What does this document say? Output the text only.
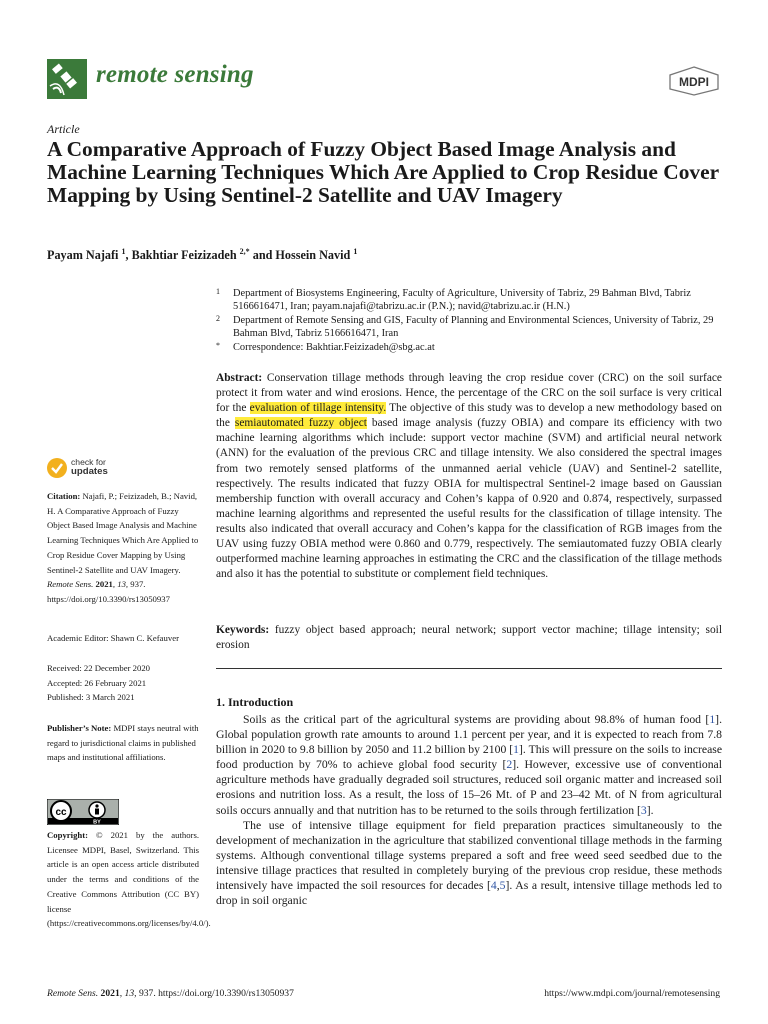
remote sensing	MDPI
Article
A Comparative Approach of Fuzzy Object Based Image Analysis and Machine Learning Techniques Which Are Applied to Crop Residue Cover Mapping by Using Sentinel-2 Satellite and UAV Imagery
Payam Najafi $^1$, Bakhtiar Feizizadeh $^{2,*}$ and Hossein Navid $^1$
1 Department of Biosystems Engineering, Faculty of Agriculture, University of Tabriz, 29 Bahman Blvd, Tabriz 5166616471, Iran; payam.najafi@tabrizu.ac.ir (P.N.); navid@tabrizu.ac.ir (H.N.)
2 Department of Remote Sensing and GIS, Faculty of Planning and Environmental Sciences, University of Tabriz, 29 Bahman Blvd, Tabriz 5166616471, Iran
* Correspondence: Bakhtiar.Feizizadeh@sbg.ac.at

Abstract: Conservation tillage methods through leaving the crop residue cover (CRC) on the soil surface protect it from water and wind erosions. Hence, the percentage of the CRC on the soil surface is very critical for the evaluation of tillage intensity. The objective of this study was to develop a new methodology based on the semiautomated fuzzy object based image analysis (fuzzy OBIA) and compare its efficiency with two machine learning algorithms which include: support vector machine (SVM) and artificial neural network (ANN) for the evaluation of the previous CRC and tillage intensity. We also considered the spectral images from two remotely sensed platforms of the unmanned aerial vehicle (UAV) and Sentinel-2 satellite, respectively. The results indicated that fuzzy OBIA for multispectral Sentinel-2 image based on Gaussian membership function with overall accuracy and Cohen’s kappa of 0.920 and 0.874, respectively, surpassed machine learning algorithms and represented the useful results for the classification of tillage intensity. The results also indicated that overall accuracy and Cohen’s kappa for the classification of RGB images from the UAV using fuzzy OBIA method were 0.860 and 0.779, respectively. The semiautomated fuzzy OBIA clearly outperformed machine learning approaches in estimating the CRC and the classification of the tillage methods and also it has the potential to substitute or complement field techniques.

Keywords: fuzzy object based approach; neural network; support vector machine; tillage intensity; soil erosion

1. Introduction

Soils as the critical part of the agricultural systems are providing about 98.8% of human food [1]. Global population growth rate amounts to around 1.1 percent per year, and it is expected to reach from 7.8 billion in 2020 to 9.8 billion by 2050 and 11.2 billion by 2100 [1]. This will pressure on the soils to increase food production by 70% to achieve global food security [2]. However, excessive use of conventional agriculture methods have gradually degraded soil structures, reduced soil organic matter and increased soil erosions and nutrition loss. As a result, the loss of 15–26 Mt. of P and 23–42 Mt. of N from agricultural soils occurs annually and that nutrition has to be returned to the soils through fertilization [3].

The use of intensive tillage equipment for field preparation practices simultaneously to the development of mechanization in the agriculture that stabilized conventional tillage methods in the farming systems. Although conventional tillage systems prepared a soft and free weed seed seedbed due to the intensive tillage practices that resulted in completely burying of the previous crop residue, these methods intensively have impacted the soil resources for decades [4,5]. As a result, intensive tillage methods led to drop in soil organic

check for
updates
Citation: Najafi, P.; Feizizadeh, B.; Navid, H. A Comparative Approach of Fuzzy Object Based Image Analysis and Machine Learning Techniques Which Are Applied to Crop Residue Cover Mapping by Using Sentinel-2 Satellite and UAV Imagery. Remote Sens. 2021, 13, 937. https://doi.org/10.3390/rs13050937
Academic Editor: Shawn C. Kefauver
Received: 22 December 2020
Accepted: 26 February 2021
Published: 3 March 2021
Publisher’s Note: MDPI stays neutral with regard to jurisdictional claims in published maps and institutional affiliations.
cc
BY
Copyright: © 2021 by the authors. Licensee MDPI, Basel, Switzerland. This article is an open access article distributed under the terms and conditions of the Creative Commons Attribution (CC BY) license (https://creativecommons.org/licenses/by/4.0/).
Remote Sens. 2021, 13, 937. https://doi.org/10.3390/rs13050937	https://www.mdpi.com/journal/remotesensing
